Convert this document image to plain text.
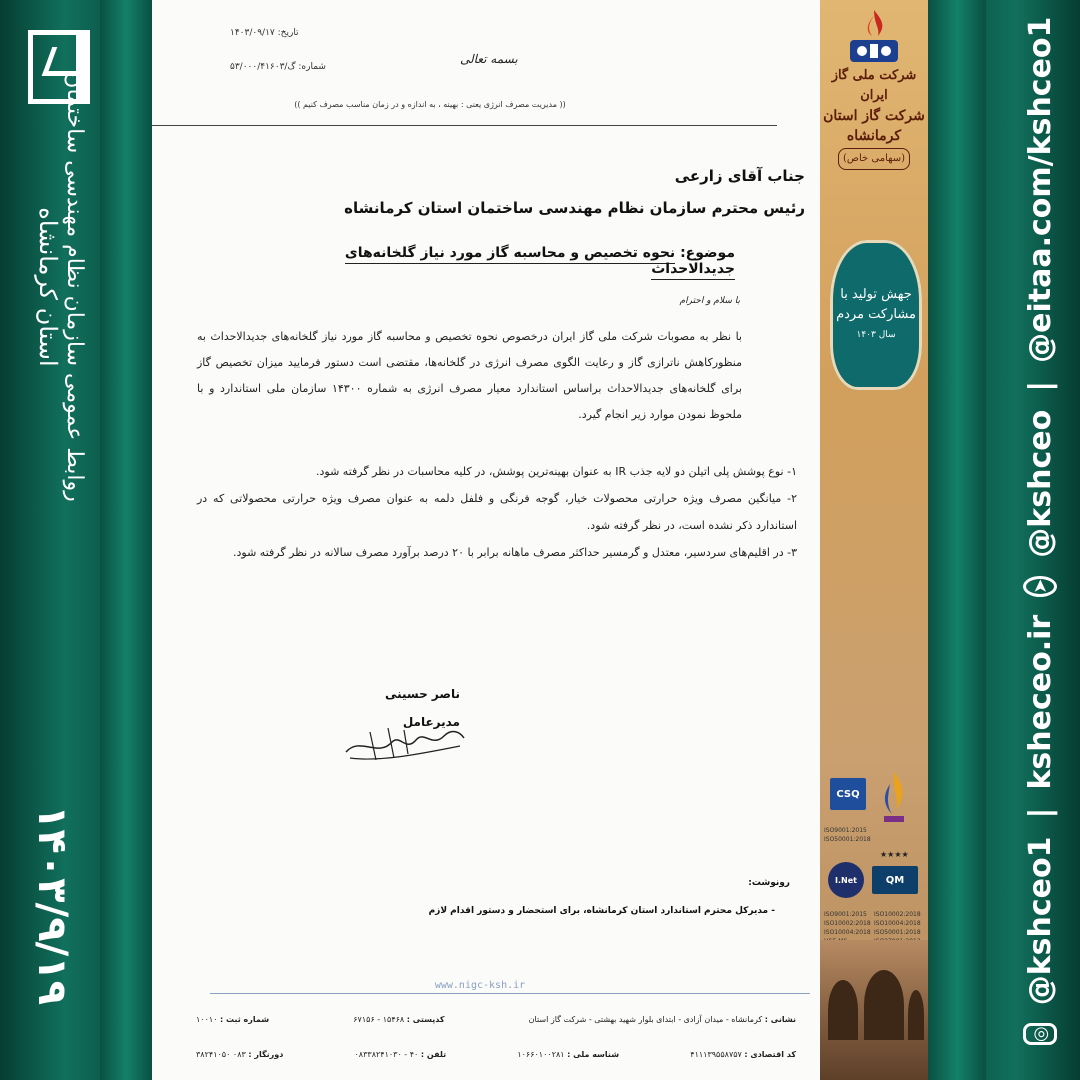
روابط عمومی سازمان نظام مهندسی ساختمان
استان کرمانشاه
۱۴۰۳/۹/۱۹
◎
@kshceo1
|
ksheceo.ir
➤
@kshceo
|
@eitaa.com/kshceo1
شرکت ملی گاز ایران
شرکت گاز استان کرمانشاه
(سهامی خاص)
جهش تولید با مشارکت مردم
سال ۱۴۰۳
CSQ
ISO9001:2015
ISO50001:2018
★★★★
I.Net	QM
ISO9001:2015
ISO10002:2018
ISO10004:2018
ISO10002:2018
ISO10004:2018
ISO50001:2018
تاریخ: ۱۴۰۳/۰۹/۱۷
شماره: گ/۵۳/۰۰۰/۴۱۶۰۳
بسمه تعالی
(( مدیریت مصرف انرژی یعنی : بهینه ، به اندازه و در زمان مناسب مصرف کنیم ))
جناب آقای زارعی
رئیس محترم سازمان نظام مهندسی ساختمان استان کرمانشاه
موضوع: نحوه تخصیص و محاسبه گاز مورد نیاز گلخانه‌های جدیدالاحداث
با سلام و احترام
با نظر به مصوبات شرکت ملی گاز ایران درخصوص نحوه تخصیص و محاسبه گاز مورد نیاز گلخانه‌های جدیدالاحداث به منظورکاهش ناترازی گاز و رعایت الگوی مصرف انرژی در گلخانه‌ها، مقتضی است دستور فرمایید میزان تخصیص گاز برای گلخانه‌های جدیدالاحداث براساس استاندارد معیار مصرف انرژی به شماره ۱۴۳۰۰ سازمان ملی استاندارد و با ملحوظ نمودن موارد زیر انجام گیرد.
۱- نوع پوشش پلی اتیلن دو لایه جذب IR به عنوان بهینه‌ترین پوشش، در کلیه محاسبات در نظر گرفته شود.
۲- میانگین مصرف ویژه حرارتی محصولات خیار، گوجه فرنگی و فلفل دلمه به عنوان مصرف ویژه حرارتی محصولاتی که در استاندارد ذکر نشده است، در نظر گرفته شود.
۳- در اقلیم‌های سردسیر، معتدل و گرمسیر حداکثر مصرف ماهانه برابر با ۲۰ درصد برآورد مصرف سالانه در نظر گرفته شود.
ناصر حسینی
مدیرعامل
رونوشت:
- مدیرکل محترم استاندارد استان کرمانشاه، برای استحضار و دستور اقدام لازم
www.nigc-ksh.ir
نشانی : کرمانشاه - میدان آزادی - ابتدای بلوار شهید بهشتی - شرکت گاز استان
کدپستی : ۱۵۴۶۸ - ۶۷۱۵۶
شماره ثبت : ۱۰۰۱۰
کد اقتصادی : ۴۱۱۱۳۹۵۵۸۷۵۷
شناسه ملی : ۱۰۶۶۰۱۰۰۲۸۱
تلفن : ۴۰ - ۰۸۳۳۸۲۴۱۰۳۰
دورنگار : ۰۸۳ ۳۸۲۴۱۰۵۰
